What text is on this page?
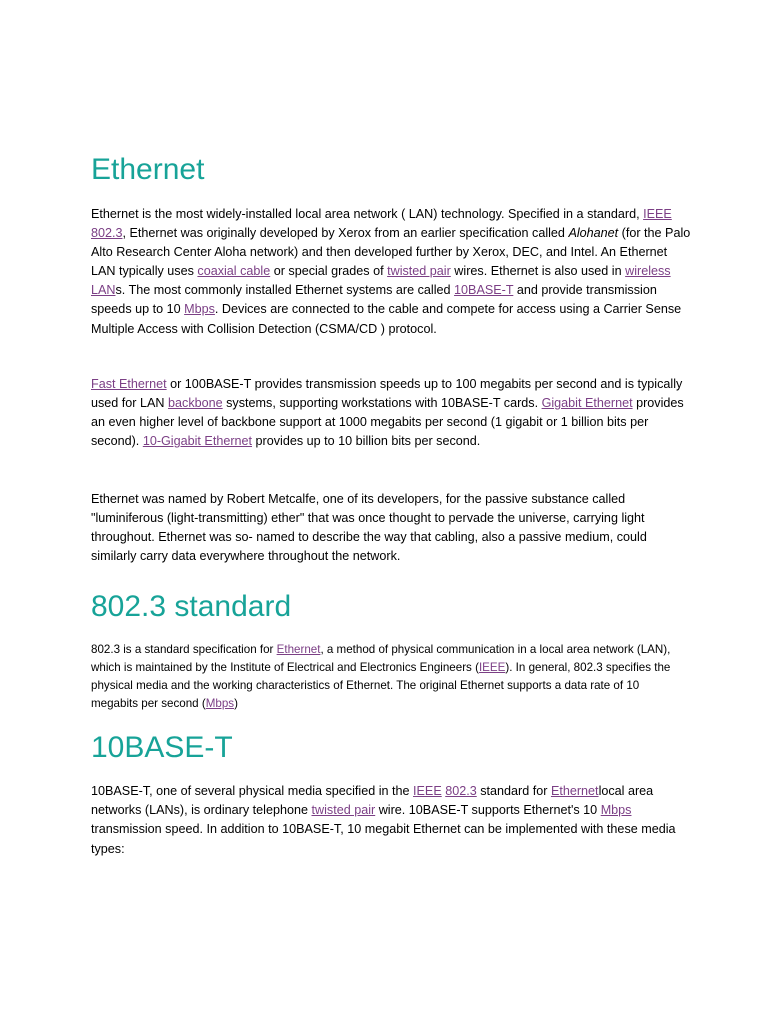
Ethernet

Ethernet is the most widely-installed local area network ( LAN) technology. Specified in a standard, IEEE 802.3, Ethernet was originally developed by Xerox from an earlier specification called Alohanet (for the Palo Alto Research Center Aloha network) and then developed further by Xerox, DEC, and Intel. An Ethernet LAN typically uses coaxial cable or special grades of twisted pair wires. Ethernet is also used in wireless LANs. The most commonly installed Ethernet systems are called 10BASE-T and provide transmission speeds up to 10 Mbps. Devices are connected to the cable and compete for access using a Carrier Sense Multiple Access with Collision Detection (CSMA/CD ) protocol.

Fast Ethernet or 100BASE-T provides transmission speeds up to 100 megabits per second and is typically used for LAN backbone systems, supporting workstations with 10BASE-T cards. Gigabit Ethernet provides an even higher level of backbone support at 1000 megabits per second (1 gigabit or 1 billion bits per second). 10-Gigabit Ethernet provides up to 10 billion bits per second.

Ethernet was named by Robert Metcalfe, one of its developers, for the passive substance called "luminiferous (light-transmitting) ether" that was once thought to pervade the universe, carrying light throughout. Ethernet was so- named to describe the way that cabling, also a passive medium, could similarly carry data everywhere throughout the network.

802.3 standard

802.3 is a standard specification for Ethernet, a method of physical communication in a local area network (LAN), which is maintained by the Institute of Electrical and Electronics Engineers (IEEE). In general, 802.3 specifies the physical media and the working characteristics of Ethernet. The original Ethernet supports a data rate of 10 megabits per second (Mbps)

10BASE-T

10BASE-T, one of several physical media specified in the IEEE 802.3 standard for Ethernetlocal area networks (LANs), is ordinary telephone twisted pair wire. 10BASE-T supports Ethernet's 10 Mbps transmission speed. In addition to 10BASE-T, 10 megabit Ethernet can be implemented with these media types:
